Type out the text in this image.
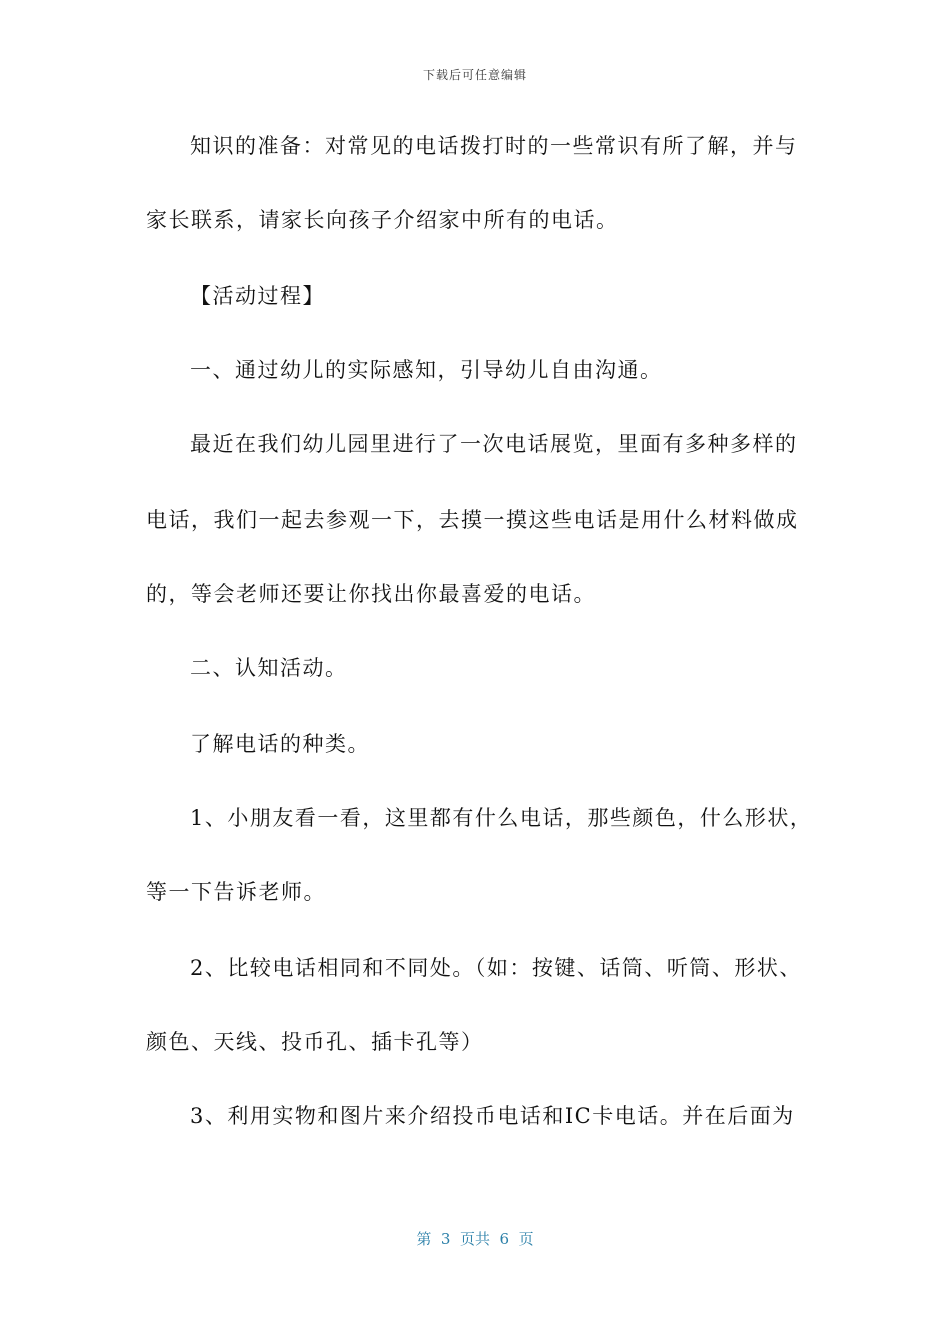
下载后可任意编辑
知识的准备：对常见的电话拨打时的一些常识有所了解，并与
家长联系，请家长向孩子介绍家中所有的电话。
【活动过程】
一、通过幼儿的实际感知，引导幼儿自由沟通。
最近在我们幼儿园里进行了一次电话展览，里面有多种多样的
电话，我们一起去参观一下，去摸一摸这些电话是用什么材料做成
的，等会老师还要让你找出你最喜爱的电话。
二、认知活动。
了解电话的种类。
1、小朋友看一看，这里都有什么电话，那些颜色，什么形状，
等一下告诉老师。
2、比较电话相同和不同处。（如：按键、话筒、听筒、形状、
颜色、天线、投币孔、插卡孔等）
3、利用实物和图片来介绍投币电话和IC卡电话。并在后面为
第  3  页共  6  页
